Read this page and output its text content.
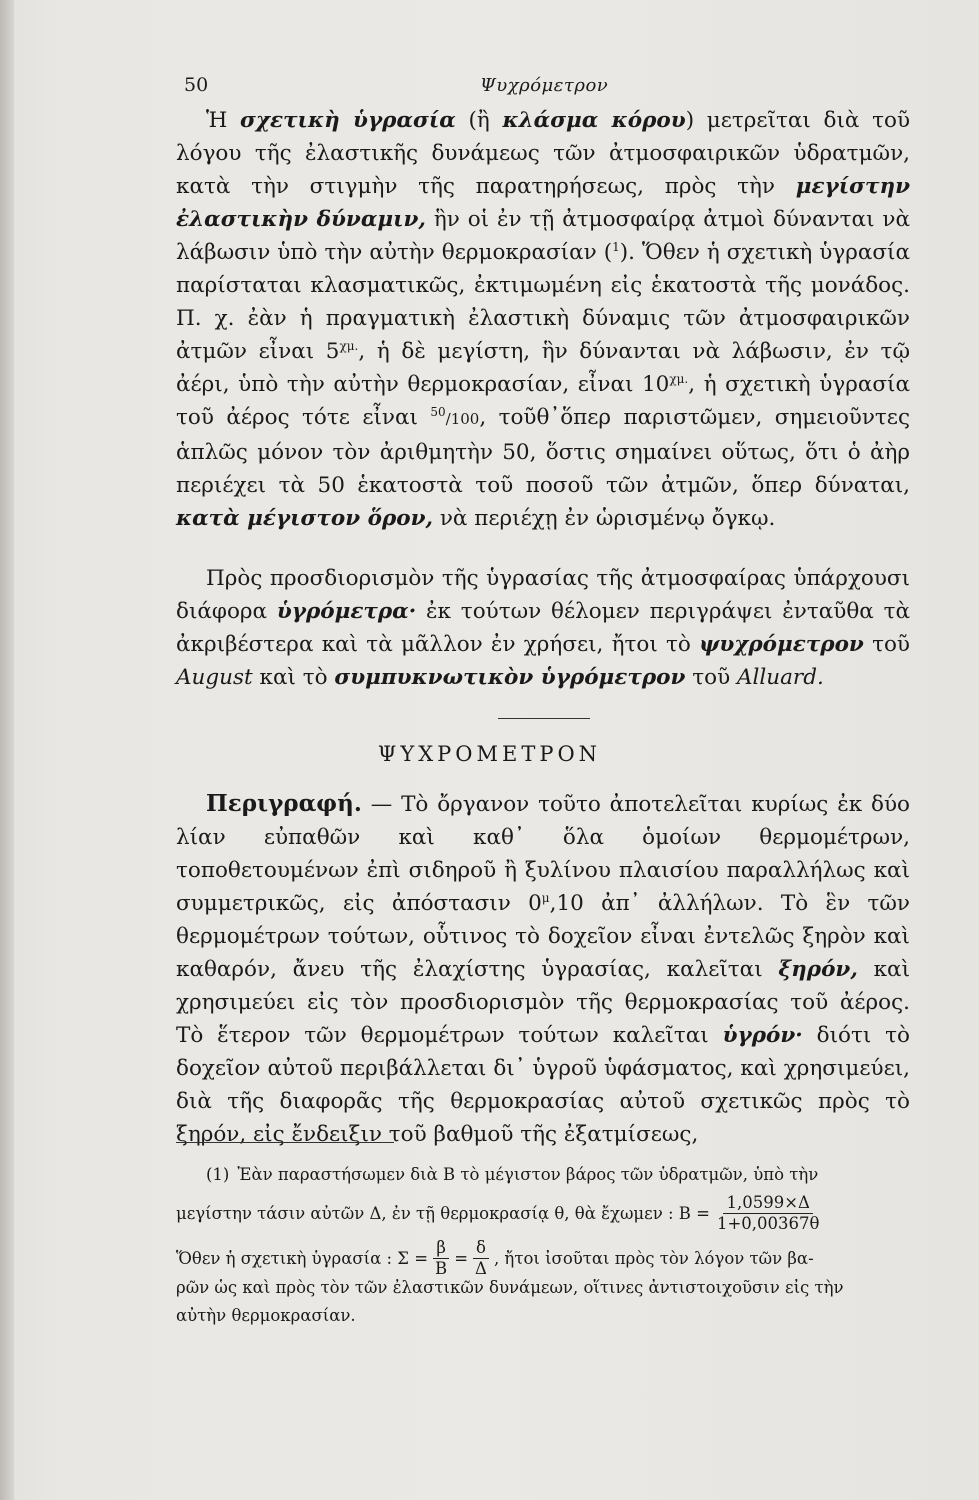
50	Ψυχρόμετρον
Ἡ σχετικὴ ὑγρασία (ἢ κλάσμα κόρου) μετρεῖται διὰ τοῦ λόγου τῆς ἐλαστικῆς δυνάμεως τῶν ἀτμοσφαιρικῶν ὑδρατμῶν, κατὰ τὴν στιγμὴν τῆς παρατηρήσεως, πρὸς τὴν μεγίστην ἐλαστικὴν δύναμιν, ἣν οἱ ἐν τῇ ἀτμοσφαίρᾳ ἀτμοὶ δύνανται νὰ λάβωσιν ὑπὸ τὴν αὐτὴν θερμοκρασίαν ($^1$). Ὅθεν ἡ σχετικὴ ὑγρασία παρίσταται κλασματικῶς, ἐκτιμωμένη εἰς ἑκατοστὰ τῆς μονάδος. Π. χ. ἐὰν ἡ πραγματικὴ ἐλαστικὴ δύναμις τῶν ἀτμοσφαιρικῶν ἀτμῶν εἶναι $5^{\chi\mu.}$, ἡ δὲ μεγίστη, ἣν δύνανται νὰ λάβωσιν, ἐν τῷ ἀέρι, ὑπὸ τὴν αὐτὴν θερμοκρασίαν, εἶναι $10^{\chi\mu.}$, ἡ σχετικὴ ὑγρασία τοῦ ἀέρος τότε εἶναι $^{50}$/100, τοῦθ᾽ὅπερ παριστῶμεν, σημειοῦντες ἁπλῶς μόνον τὸν ἀριθμητὴν 50, ὅστις σημαίνει οὕτως, ὅτι ὁ ἀὴρ περιέχει τὰ 50 ἑκατοστὰ τοῦ ποσοῦ τῶν ἀτμῶν, ὅπερ δύναται, κατὰ μέγιστον ὅρον, νὰ περιέχῃ ἐν ὡρισμένῳ ὄγκῳ.
Πρὸς προσδιορισμὸν τῆς ὑγρασίας τῆς ἀτμοσφαίρας ὑπάρχουσι διάφορα ὑγρόμετρα· ἐκ τούτων θέλομεν περιγράψει ἐνταῦθα τὰ ἀκριβέστερα καὶ τὰ μᾶλλον ἐν χρήσει, ἤτοι τὸ ψυχρόμετρον τοῦ August καὶ τὸ συμπυκνωτικὸν ὑγρόμετρον τοῦ Alluard.
ΨΥΧΡΟΜΕΤΡΟΝ
Περιγραφή. — Τὸ ὄργανον τοῦτο ἀποτελεῖται κυρίως ἐκ δύο λίαν εὐπαθῶν καὶ καθ᾽ ὅλα ὁμοίων θερμομέτρων, τοποθετουμένων ἐπὶ σιδηροῦ ἢ ξυλίνου πλαισίου παραλλήλως καὶ συμμετρικῶς, εἰς ἀπόστασιν $0^\mu,10$ ἀπ᾽ ἀλλήλων. Τὸ ἓν τῶν θερμομέτρων τούτων, οὗτινος τὸ δοχεῖον εἶναι ἐντελῶς ξηρὸν καὶ καθαρόν, ἄνευ τῆς ἐλαχίστης ὑγρασίας, καλεῖται ξηρόν, καὶ χρησιμεύει εἰς τὸν προσδιορισμὸν τῆς θερμοκρασίας τοῦ ἀέρος. Τὸ ἕτερον τῶν θερμομέτρων τούτων καλεῖται ὑγρόν· διότι τὸ δοχεῖον αὐτοῦ περιβάλλεται δι᾽ ὑγροῦ ὑφάσματος, καὶ χρησιμεύει, διὰ τῆς διαφορᾶς τῆς θερμοκρασίας αὐτοῦ σχετικῶς πρὸς τὸ ξηρόν, εἰς ἔνδειξιν τοῦ βαθμοῦ τῆς ἐξατμίσεως,
(1) Ἐὰν παραστήσωμεν διὰ Β τὸ μέγιστον βάρος τῶν ὑδρατμῶν, ὑπὸ τὴν
μεγίστην τάσιν αὐτῶν Δ, ἐν τῇ θερμοκρασίᾳ θ, θὰ ἔχωμεν : $B = \frac{1,0599\times\Delta}{1+0,00367\theta}$
Ὅθεν ἡ σχετικὴ ὑγρασία : $\Sigma = \frac{\beta}{B} = \frac{\delta}{\Delta}$ , ἤτοι ἰσοῦται πρὸς τὸν λόγον τῶν βα-
ρῶν ὡς καὶ πρὸς τὸν τῶν ἐλαστικῶν δυνάμεων, οἵτινες ἀντιστοιχοῦσιν εἰς τὴν
αὐτὴν θερμοκρασίαν.
